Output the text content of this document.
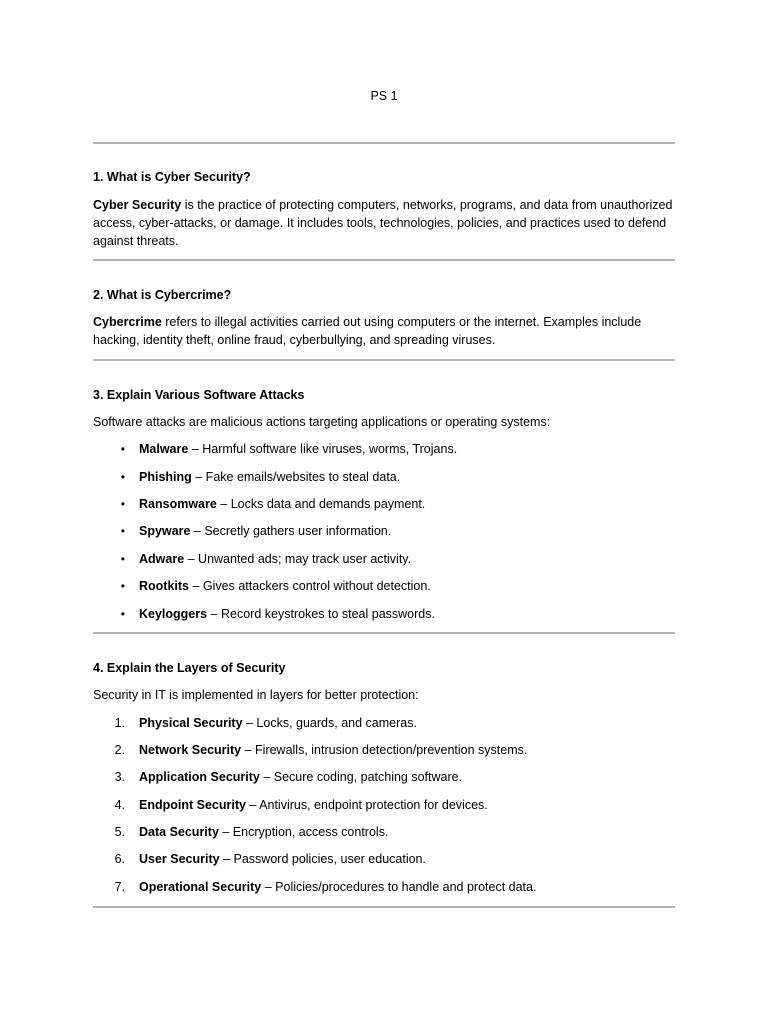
PS 1
1. What is Cyber Security?
Cyber Security is the practice of protecting computers, networks, programs, and data from unauthorized access, cyber-attacks, or damage. It includes tools, technologies, policies, and practices used to defend against threats.
2. What is Cybercrime?
Cybercrime refers to illegal activities carried out using computers or the internet. Examples include hacking, identity theft, online fraud, cyberbullying, and spreading viruses.
3. Explain Various Software Attacks
Software attacks are malicious actions targeting applications or operating systems:
• Malware – Harmful software like viruses, worms, Trojans.
• Phishing – Fake emails/websites to steal data.
• Ransomware – Locks data and demands payment.
• Spyware – Secretly gathers user information.
• Adware – Unwanted ads; may track user activity.
• Rootkits – Gives attackers control without detection.
• Keyloggers – Record keystrokes to steal passwords.
4. Explain the Layers of Security
Security in IT is implemented in layers for better protection:
1. Physical Security – Locks, guards, and cameras.
2. Network Security – Firewalls, intrusion detection/prevention systems.
3. Application Security – Secure coding, patching software.
4. Endpoint Security – Antivirus, endpoint protection for devices.
5. Data Security – Encryption, access controls.
6. User Security – Password policies, user education.
7. Operational Security – Policies/procedures to handle and protect data.
